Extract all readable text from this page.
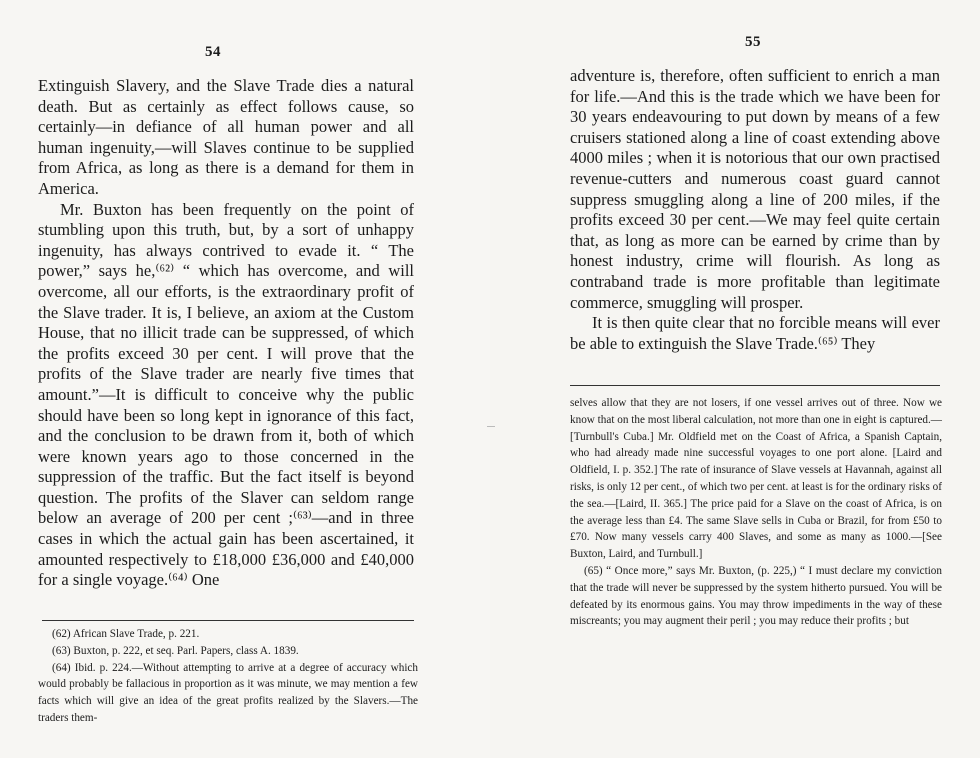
54

Extinguish Slavery, and the Slave Trade dies a natural death. But as certainly as effect follows cause, so certainly—in defiance of all human power and all human ingenuity,—will Slaves continue to be supplied from Africa, as long as there is a demand for them in America.

Mr. Buxton has been frequently on the point of stumbling upon this truth, but, by a sort of unhappy ingenuity, has always contrived to evade it. “ The power,” says he,⁽⁶²⁾ “ which has overcome, and will overcome, all our efforts, is the extraordinary profit of the Slave trader. It is, I believe, an axiom at the Custom House, that no illicit trade can be suppressed, of which the profits exceed 30 per cent. I will prove that the profits of the Slave trader are nearly five times that amount.”—It is difficult to conceive why the public should have been so long kept in ignorance of this fact, and the conclusion to be drawn from it, both of which were known years ago to those concerned in the suppression of the traffic. But the fact itself is beyond question. The profits of the Slaver can seldom range below an average of 200 per cent ;⁽⁶³⁾—and in three cases in which the actual gain has been ascertained, it amounted respectively to £18,000 £36,000 and £40,000 for a single voyage.⁽⁶⁴⁾ One

(62) African Slave Trade, p. 221.

(63) Buxton, p. 222, et seq. Parl. Papers, class A. 1839.

(64) Ibid. p. 224.—Without attempting to arrive at a degree of accuracy which would probably be fallacious in proportion as it was minute, we may mention a few facts which will give an idea of the great profits realized by the Slavers.—The traders them-

55

adventure is, therefore, often sufficient to enrich a man for life.—And this is the trade which we have been for 30 years endeavouring to put down by means of a few cruisers stationed along a line of coast extending above 4000 miles ; when it is notorious that our own practised revenue-cutters and numerous coast guard cannot suppress smuggling along a line of 200 miles, if the profits exceed 30 per cent.—We may feel quite certain that, as long as more can be earned by crime than by honest industry, crime will flourish. As long as contraband trade is more profitable than legitimate commerce, smuggling will prosper.

It is then quite clear that no forcible means will ever be able to extinguish the Slave Trade.⁽⁶⁵⁾ They

selves allow that they are not losers, if one vessel arrives out of three. Now we know that on the most liberal calculation, not more than one in eight is captured.—[Turnbull's Cuba.] Mr. Oldfield met on the Coast of Africa, a Spanish Captain, who had already made nine successful voyages to one port alone. [Laird and Oldfield, I. p. 352.] The rate of insurance of Slave vessels at Havannah, against all risks, is only 12 per cent., of which two per cent. at least is for the ordinary risks of the sea.—[Laird, II. 365.] The price paid for a Slave on the coast of Africa, is on the average less than £4. The same Slave sells in Cuba or Brazil, for from £50 to £70. Now many vessels carry 400 Slaves, and some as many as 1000.—[See Buxton, Laird, and Turnbull.]

(65) “ Once more,” says Mr. Buxton, (p. 225,) “ I must declare my conviction that the trade will never be suppressed by the system hitherto pursued. You will be defeated by its enormous gains. You may throw impediments in the way of these miscreants; you may augment their peril ; you may reduce their profits ; but
